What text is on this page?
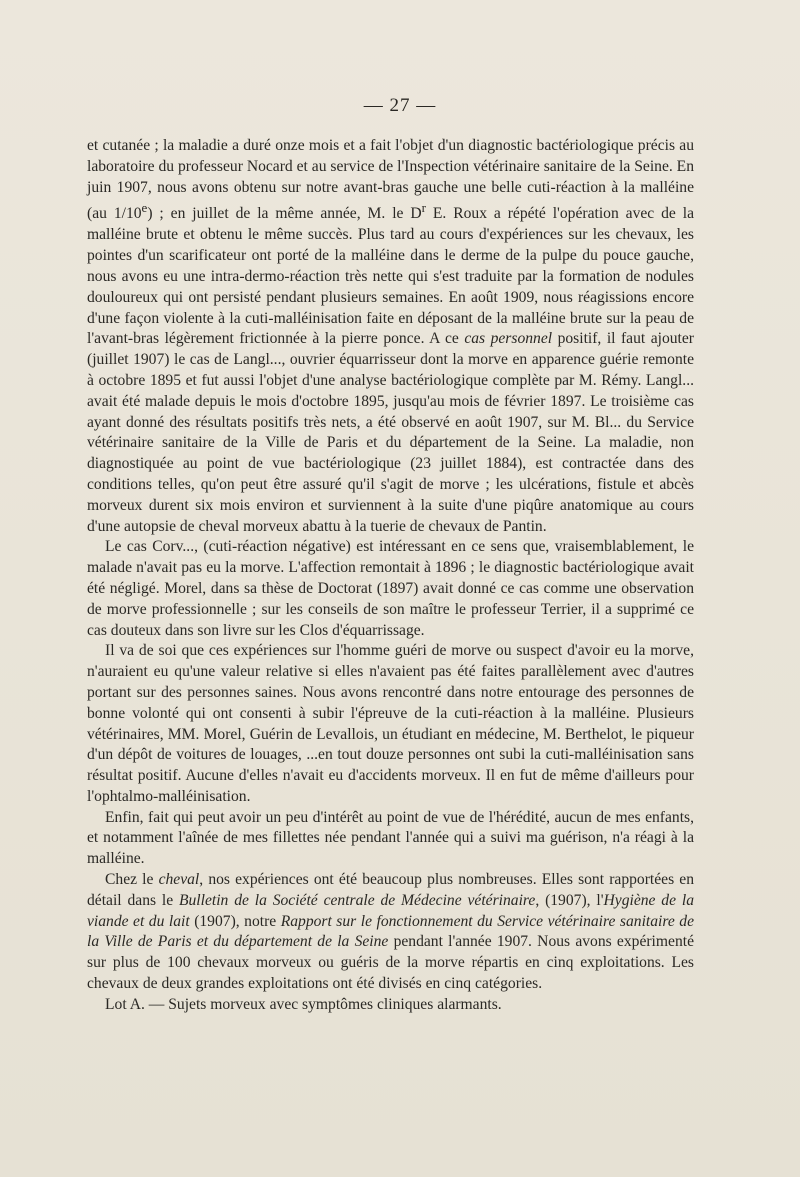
— 27 —

et cutanée ; la maladie a duré onze mois et a fait l'objet d'un diagnostic bactériologique précis au laboratoire du professeur Nocard et au service de l'Inspection vétérinaire sanitaire de la Seine. En juin 1907, nous avons obtenu sur notre avant-bras gauche une belle cuti-réaction à la malléine (au 1/10e) ; en juillet de la même année, M. le $D^r$ E. Roux a répété l'opération avec de la malléine brute et obtenu le même succès. Plus tard au cours d'expériences sur les chevaux, les pointes d'un scarificateur ont porté de la malléine dans le derme de la pulpe du pouce gauche, nous avons eu une intra-dermo-réaction très nette qui s'est traduite par la formation de nodules douloureux qui ont persisté pendant plusieurs semaines. En août 1909, nous réagissions encore d'une façon violente à la cuti-malléinisation faite en déposant de la malléine brute sur la peau de l'avant-bras légèrement frictionnée à la pierre ponce. A ce cas personnel positif, il faut ajouter (juillet 1907) le cas de Langl..., ouvrier équarrisseur dont la morve en apparence guérie remonte à octobre 1895 et fut aussi l'objet d'une analyse bactériologique complète par M. Rémy. Langl... avait été malade depuis le mois d'octobre 1895, jusqu'au mois de février 1897. Le troisième cas ayant donné des résultats positifs très nets, a été observé en août 1907, sur M. Bl... du Service vétérinaire sanitaire de la Ville de Paris et du département de la Seine. La maladie, non diagnostiquée au point de vue bactériologique (23 juillet 1884), est contractée dans des conditions telles, qu'on peut être assuré qu'il s'agit de morve ; les ulcérations, fistule et abcès morveux durent six mois environ et surviennent à la suite d'une piqûre anatomique au cours d'une autopsie de cheval morveux abattu à la tuerie de chevaux de Pantin.

Le cas Corv..., (cuti-réaction négative) est intéressant en ce sens que, vraisemblablement, le malade n'avait pas eu la morve. L'affection remontait à 1896 ; le diagnostic bactériologique avait été négligé. Morel, dans sa thèse de Doctorat (1897) avait donné ce cas comme une observation de morve professionnelle ; sur les conseils de son maître le professeur Terrier, il a supprimé ce cas douteux dans son livre sur les Clos d'équarrissage.

Il va de soi que ces expériences sur l'homme guéri de morve ou suspect d'avoir eu la morve, n'auraient eu qu'une valeur relative si elles n'avaient pas été faites parallèlement avec d'autres portant sur des personnes saines. Nous avons rencontré dans notre entourage des personnes de bonne volonté qui ont consenti à subir l'épreuve de la cuti-réaction à la malléine. Plusieurs vétérinaires, MM. Morel, Guérin de Levallois, un étudiant en médecine, M. Berthelot, le piqueur d'un dépôt de voitures de louages, ...en tout douze personnes ont subi la cuti-malléinisation sans résultat positif. Aucune d'elles n'avait eu d'accidents morveux. Il en fut de même d'ailleurs pour l'ophtalmo-malléinisation.

Enfin, fait qui peut avoir un peu d'intérêt au point de vue de l'hérédité, aucun de mes enfants, et notamment l'aînée de mes fillettes née pendant l'année qui a suivi ma guérison, n'a réagi à la malléine.

Chez le cheval, nos expériences ont été beaucoup plus nombreuses. Elles sont rapportées en détail dans le Bulletin de la Société centrale de Médecine vétérinaire, (1907), l'Hygiène de la viande et du lait (1907), notre Rapport sur le fonctionnement du Service vétérinaire sanitaire de la Ville de Paris et du département de la Seine pendant l'année 1907. Nous avons expérimenté sur plus de 100 chevaux morveux ou guéris de la morve répartis en cinq exploitations. Les chevaux de deux grandes exploitations ont été divisés en cinq catégories.

Lot A. — Sujets morveux avec symptômes cliniques alarmants.
